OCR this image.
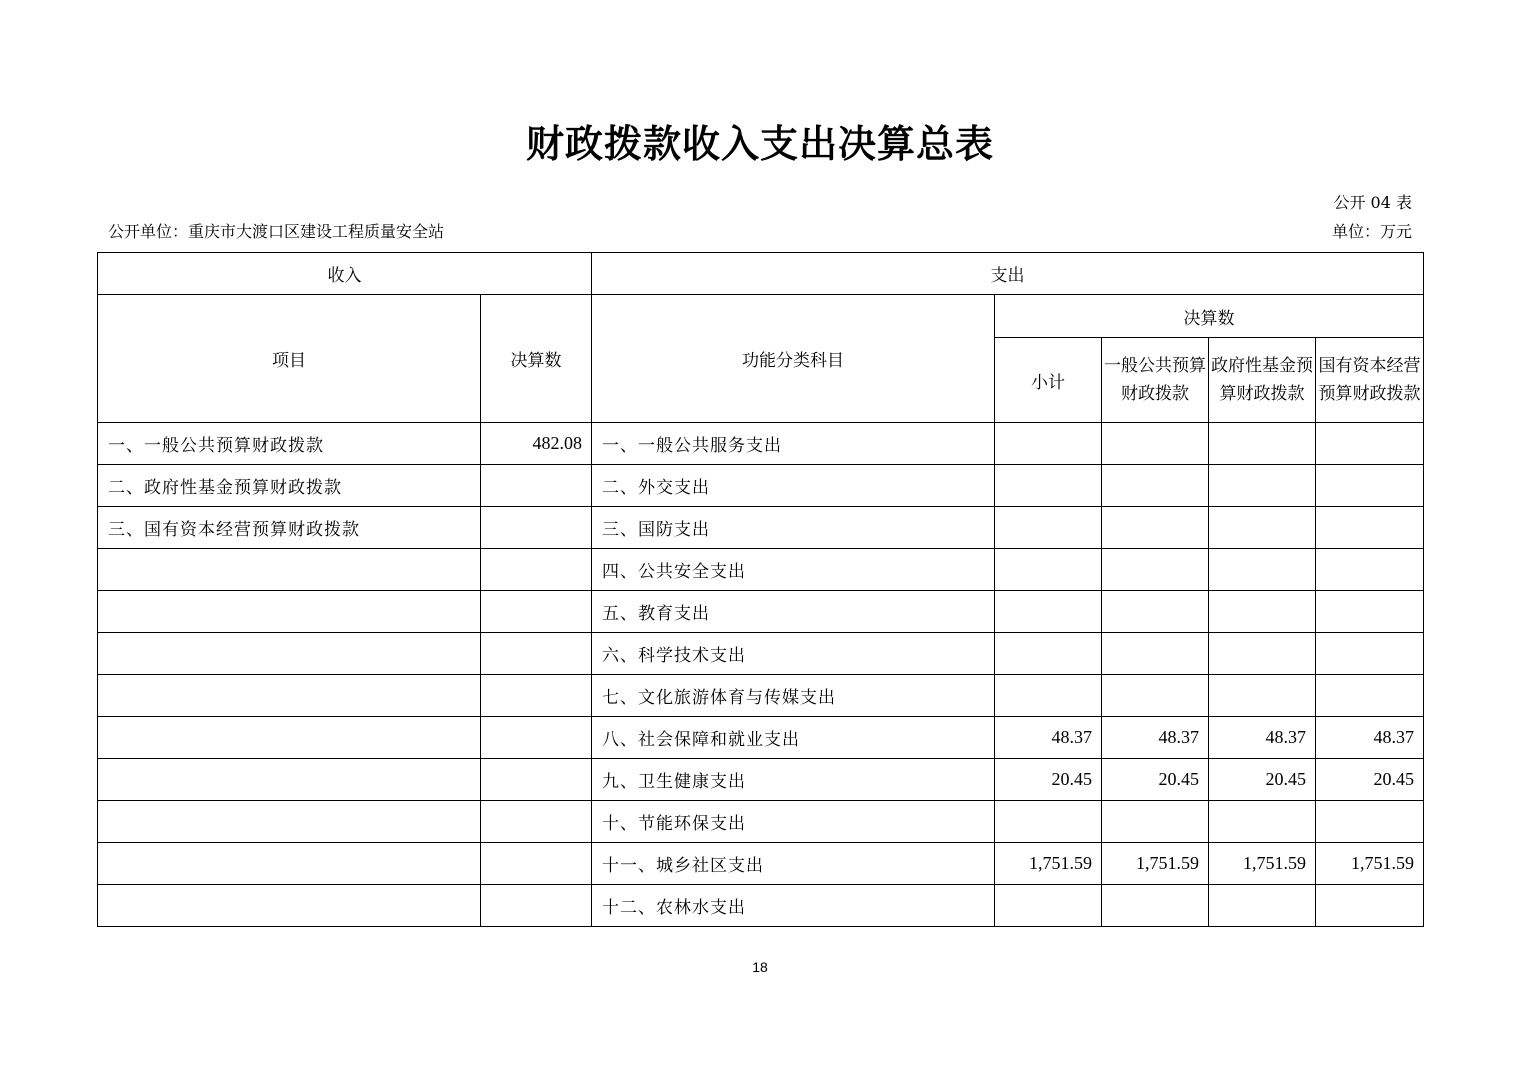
财政拨款收入支出决算总表
公开 04 表
公开单位：重庆市大渡口区建设工程质量安全站	单位：万元
收入		支出				
项目	决算数	功能分类科目	决算数			
			小计	一般公共预算财政拨款	政府性基金预算财政拨款	国有资本经营预算财政拨款
一、一般公共预算财政拨款	482.08	一、一般公共服务支出				
二、政府性基金预算财政拨款		二、外交支出				
三、国有资本经营预算财政拨款		三、国防支出				
		四、公共安全支出				
		五、教育支出				
		六、科学技术支出				
		七、文化旅游体育与传媒支出				
		八、社会保障和就业支出	48.37	48.37	48.37	48.37
		九、卫生健康支出	20.45	20.45	20.45	20.45
		十、节能环保支出				
		十一、城乡社区支出	1,751.59	1,751.59	1,751.59	1,751.59
		十二、农林水支出				
18
